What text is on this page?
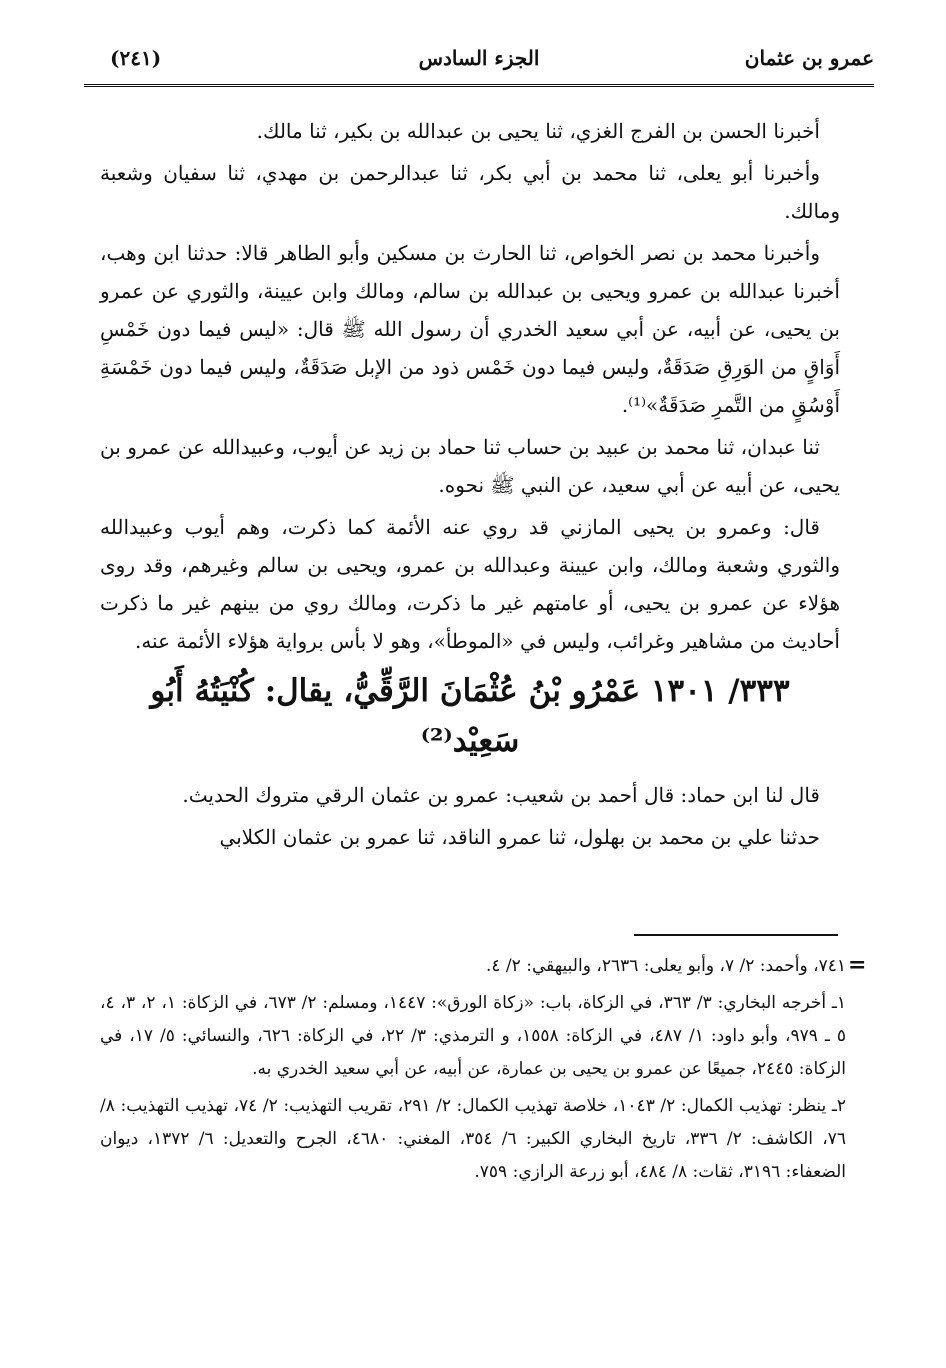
عمرو بن عثمان
الجزء السادس
(٢٤١)

أخبرنا الحسن بن الفرج الغزي، ثنا يحيى بن عبدالله بن بكير، ثنا مالك.

وأخبرنا أبو يعلى، ثنا محمد بن أبي بكر، ثنا عبدالرحمن بن مهدي، ثنا سفيان وشعبة ومالك.

وأخبرنا محمد بن نصر الخواص، ثنا الحارث بن مسكين وأبو الطاهر قالا: حدثنا ابن وهب، أخبرنا عبدالله بن عمرو ويحيى بن عبدالله بن سالم، ومالك وابن عيينة، والثوري عن عمرو بن يحيى، عن أبيه، عن أبي سعيد الخدري أن رسول الله ﷺ قال: «ليس فيما دون خَمْسِ أَوَاقٍ من الوَرِقِ صَدَقَةٌ، وليس فيما دون خَمْس ذود من الإبل صَدَقَةٌ، وليس فيما دون خَمْسَةِ أَوْسُقٍ من التَّمرِ صَدَقَةٌ»⁽¹⁾.

ثنا عبدان، ثنا محمد بن عبيد بن حساب ثنا حماد بن زيد عن أيوب، وعبيدالله عن عمرو بن يحيى، عن أبيه عن أبي سعيد، عن النبي ﷺ نحوه.

قال: وعمرو بن يحيى المازني قد روي عنه الأئمة كما ذكرت، وهم أيوب وعبيدالله والثوري وشعبة ومالك، وابن عيينة وعبدالله بن عمرو، ويحيى بن سالم وغيرهم، وقد روى هؤلاء عن عمرو بن يحيى، أو عامتهم غير ما ذكرت، ومالك روي من بينهم غير ما ذكرت أحاديث من مشاهير وغرائب، وليس في «الموطأ»، وهو لا بأس برواية هؤلاء الأئمة عنه.

٣٣٣/ ١٣٠١ عَمْرُو بْنُ عُثْمَانَ الرَّقِّيُّ، يقال: كُنْيَتُهُ أَبُو سَعِيْد⁽²⁾

قال لنا ابن حماد: قال أحمد بن شعيب: عمرو بن عثمان الرقي متروك الحديث.

حدثنا علي بن محمد بن بهلول، ثنا عمرو الناقد، ثنا عمرو بن عثمان الكلابي

=

٧٤١، وأحمد: ٢/ ٧، وأبو يعلى: ٢٦٣٦، والبيهقي: ٢/ ٤.

١ـ أخرجه البخاري: ٣/ ٣٦٣، في الزكاة، باب: «زكاة الورق»: ١٤٤٧، ومسلم: ٢/ ٦٧٣، في الزكاة: ١، ٢، ٣، ٤، ٥ ـ ٩٧٩، وأبو داود: ١/ ٤٨٧، في الزكاة: ١٥٥٨، و الترمذي: ٣/ ٢٢، في الزكاة: ٦٢٦، والنسائي: ٥/ ١٧، في الزكاة: ٢٤٤٥، جميعًا عن عمرو بن يحيى بن عمارة، عن أبيه، عن أبي سعيد الخدري به.

٢ـ ينظر: تهذيب الكمال: ٢/ ١٠٤٣، خلاصة تهذيب الكمال: ٢/ ٢٩١، تقريب التهذيب: ٢/ ٧٤، تهذيب التهذيب: ٨/ ٧٦، الكاشف: ٢/ ٣٣٦، تاريخ البخاري الكبير: ٦/ ٣٥٤، المغني: ٤٦٨٠، الجرح والتعديل: ٦/ ١٣٧٢، ديوان الضعفاء: ٣١٩٦، ثقات: ٨/ ٤٨٤، أبو زرعة الرازي: ٧٥٩.
